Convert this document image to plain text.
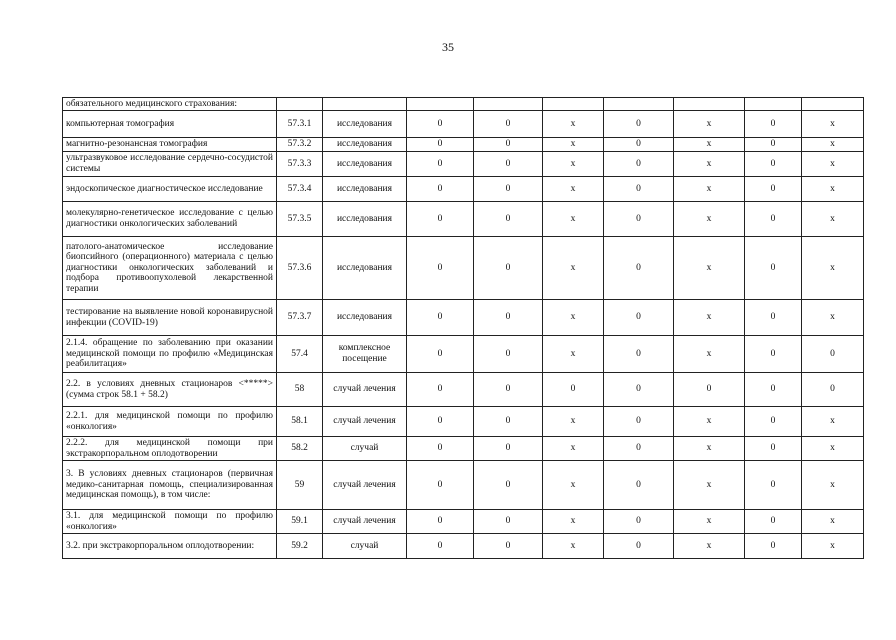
35
обязательного медицинского страхования:									
компьютерная томография	57.3.1	исследования	0	0	x	0	x	0	x
магнитно-резонансная томография	57.3.2	исследования	0	0	x	0	x	0	x
ультразвуковое исследование сердечно-сосудистой системы	57.3.3	исследования	0	0	x	0	x	0	x
эндоскопическое диагностическое исследование	57.3.4	исследования	0	0	x	0	x	0	x
молекулярно-генетическое исследование с целью диагностики онкологических заболеваний	57.3.5	исследования	0	0	x	0	x	0	x
патолого-анатомическое исследование биопсийного (операционного) материала с целью диагностики онкологических заболеваний и подбора противоопухолевой лекарственной терапии	57.3.6	исследования	0	0	x	0	x	0	x
тестирование на выявление новой коронавирусной инфекции (COVID-19)	57.3.7	исследования	0	0	x	0	x	0	x
2.1.4. обращение по заболеванию при оказании медицинской помощи по профилю «Медицинская реабилитация»	57.4	комплексное посещение	0	0	x	0	x	0	0
2.2. в условиях дневных стационаров <*****> (сумма строк 58.1 + 58.2)	58	случай лечения	0	0	0	0	0	0	0
2.2.1. для медицинской помощи по профилю «онкология»	58.1	случай лечения	0	0	x	0	x	0	x
2.2.2. для медицинской помощи при экстракорпоральном оплодотворении	58.2	случай	0	0	x	0	x	0	x
3. В условиях дневных стационаров (первичная медико-санитарная помощь, специализированная медицинская помощь), в том числе:	59	случай лечения	0	0	x	0	x	0	x
3.1. для медицинской помощи по профилю «онкология»	59.1	случай лечения	0	0	x	0	x	0	x
3.2. при экстракорпоральном оплодотворении:	59.2	случай	0	0	x	0	x	0	x
